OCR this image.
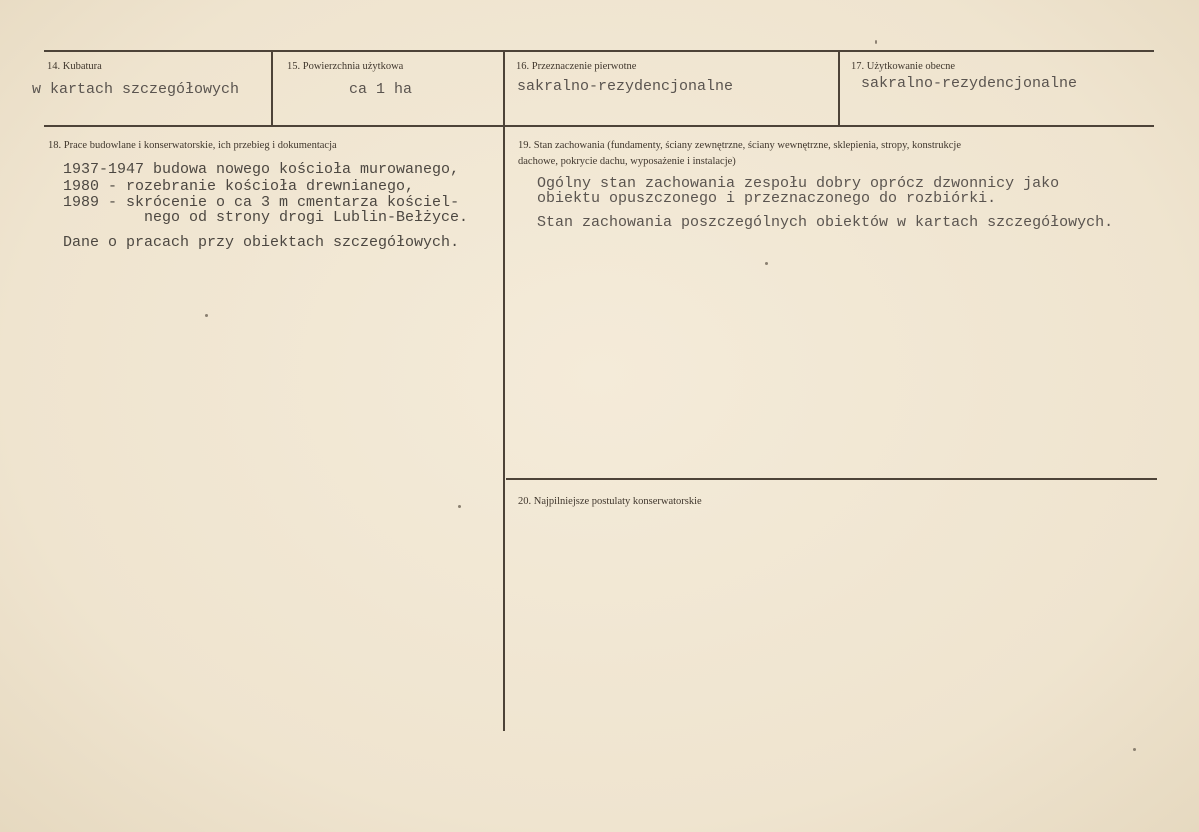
14. Kubatura
w kartach szczegółowych
15. Powierzchnia użytkowa
ca 1 ha
16. Przeznaczenie pierwotne
sakralno-rezydencjonalne
17. Użytkowanie obecne
sakralno-rezydencjonalne
18. Prace budowlane i konserwatorskie, ich przebieg i dokumentacja
1937-1947 budowa nowego kościoła murowanego,
1980 - rozebranie kościoła drewnianego,
1989 - skrócenie o ca 3 m cmentarza kościel-
nego od strony drogi Lublin-Bełżyce.
Dane o pracach przy obiektach szczegółowych.
19. Stan zachowania (fundamenty, ściany zewnętrzne, ściany wewnętrzne, sklepienia, stropy, konstrukcje
dachowe, pokrycie dachu, wyposażenie i instalacje)
Ogólny stan zachowania zespołu dobry oprócz dzwonnicy jako
obiektu opuszczonego i przeznaczonego do rozbiórki.
Stan zachowania poszczególnych obiektów w kartach szczegółowych.
20. Najpilniejsze postulaty konserwatorskie
